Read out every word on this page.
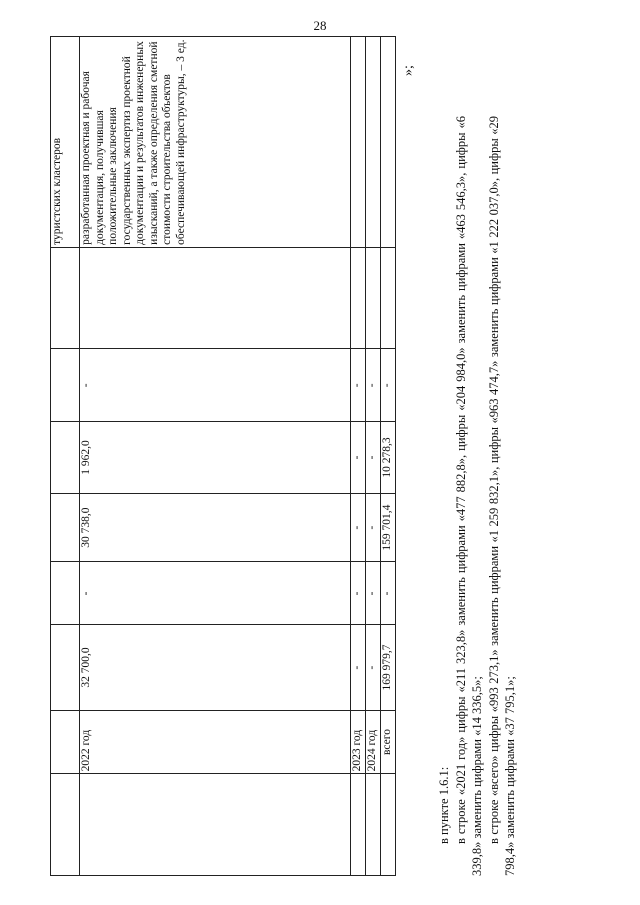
28
								туристских кластеров
	2022 год	32 700,0	-	30 738,0	1 962,0	-		разработанная проектная и рабочая документация, получившая положительные заключения государственных экспертиз проектной документации и результатов инженерных изысканий, а также определения сметной стоимости строительства объектов обеспечивающей инфраструктуры, – 3 ед.
	2023 год	-	-	-	-	-		
	2024 год	-	-	-	-	-		
	всего	169 979,7	-	159 701,4	10 278,3	-		
»;

в пункте 1.6.1: в строке «2021 год» цифры «211 323,8» заменить цифрами «477 882,8», цифры «204 984,0» заменить цифрами «463 546,3», цифры «6 339,8» заменить цифрами «14 336,5»; в строке «всего» цифры «993 273,1» заменить цифрами «1 259 832,1», цифры «963 474,7» заменить цифрами «1 222 037,0», цифры «29 798,4» заменить цифрами «37 795,1»;
